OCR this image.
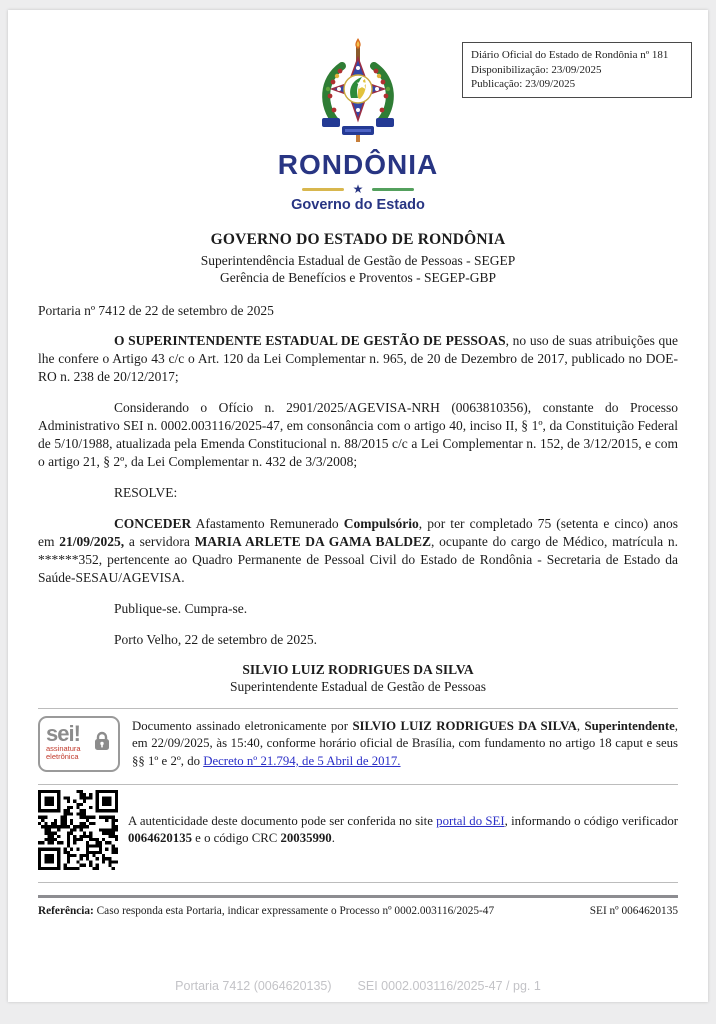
Diário Oficial do Estado de Rondônia nº 181
Disponibilização: 23/09/2025
Publicação: 23/09/2025
RONDÔNIA
★
Governo do Estado
GOVERNO DO ESTADO DE RONDÔNIA
Superintendência Estadual de Gestão de Pessoas - SEGEP
Gerência de Benefícios e Proventos - SEGEP-GBP
Portaria nº 7412 de 22 de setembro de 2025

O SUPERINTENDENTE ESTADUAL DE GESTÃO DE PESSOAS, no uso de suas atribuições que lhe confere o Artigo 43 c/c o Art. 120 da Lei Complementar n. 965, de 20 de Dezembro de 2017, publicado no DOE-RO n. 238 de 20/12/2017;

Considerando o Ofício n. 2901/2025/AGEVISA-NRH (0063810356), constante do Processo Administrativo SEI n. 0002.003116/2025-47, em consonância com o artigo 40, inciso II, § 1º, da Constituição Federal de 5/10/1988, atualizada pela Emenda Constitucional n. 88/2015 c/c a Lei Complementar n. 152, de 3/12/2015, e com o artigo 21, § 2º, da Lei Complementar n. 432 de 3/3/2008;

RESOLVE:

CONCEDER Afastamento Remunerado Compulsório, por ter completado 75 (setenta e cinco) anos em 21/09/2025, a servidora MARIA ARLETE DA GAMA BALDEZ, ocupante do cargo de Médico, matrícula n. ******352, pertencente ao Quadro Permanente de Pessoal Civil do Estado de Rondônia - Secretaria de Estado da Saúde-SESAU/AGEVISA.

Publique-se. Cumpra-se.

Porto Velho, 22 de setembro de 2025.

SILVIO LUIZ RODRIGUES DA SILVA
Superintendente Estadual de Gestão de Pessoas
sei!
assinatura
eletrônica

Documento assinado eletronicamente por SILVIO LUIZ RODRIGUES DA SILVA, Superintendente, em 22/09/2025, às 15:40, conforme horário oficial de Brasília, com fundamento no artigo 18 caput e seus §§ 1º e 2º, do Decreto nº 21.794, de 5 Abril de 2017.

A autenticidade deste documento pode ser conferida no site portal do SEI, informando o código verificador 0064620135 e o código CRC 20035990.

Referência: Caso responda esta Portaria, indicar expressamente o Processo nº 0002.003116/2025-47	SEI nº 0064620135
Portaria 7412 (0064620135) SEI 0002.003116/2025-47 / pg. 1
